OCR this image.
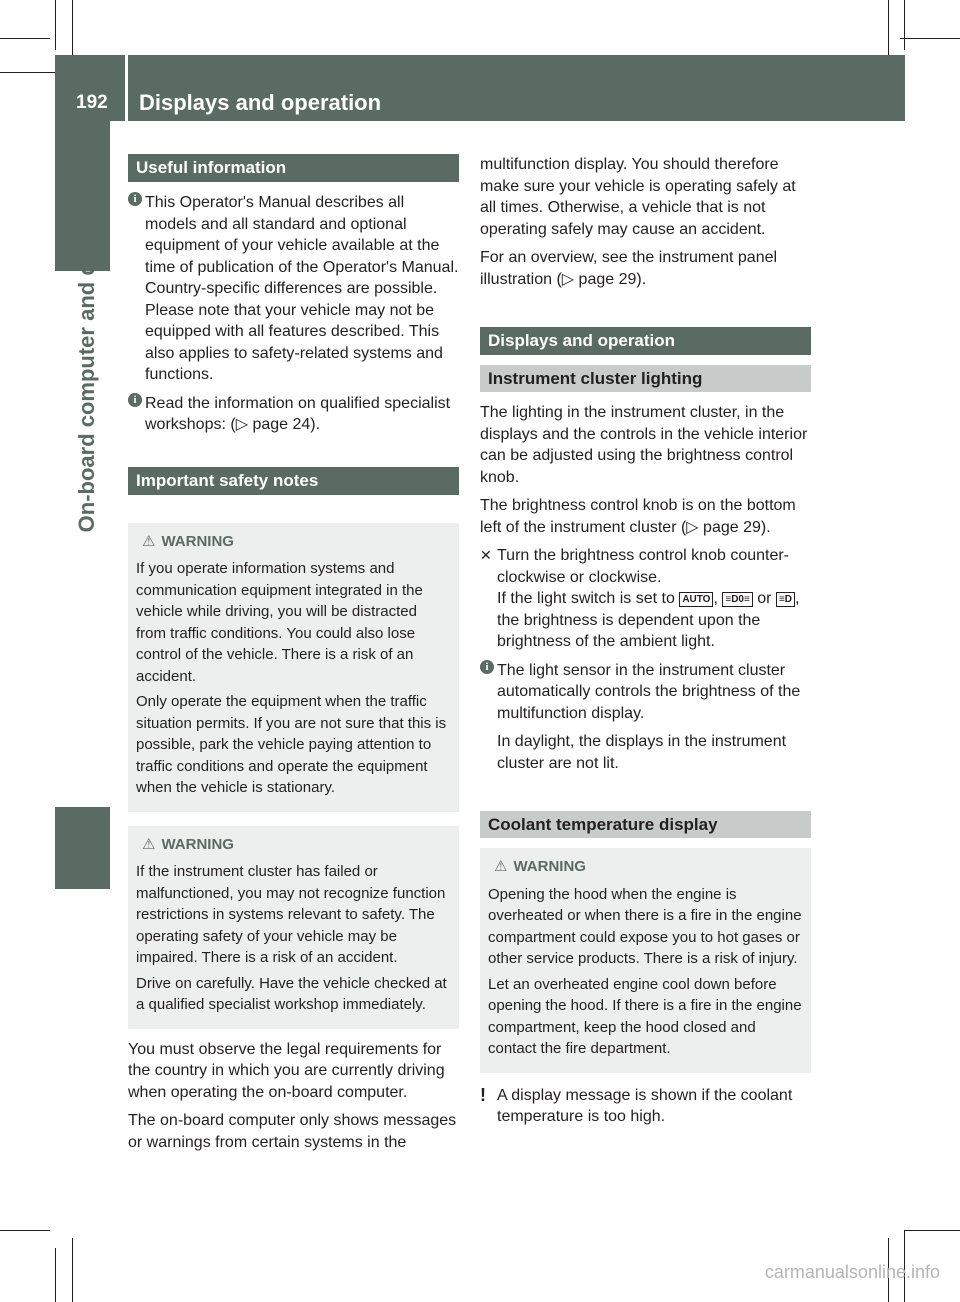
192 Displays and operation
On-board computer and displays
Useful information

i This Operator's Manual describes all models and all standard and optional equipment of your vehicle available at the time of publication of the Operator's Manual. Country-specific differences are possible. Please note that your vehicle may not be equipped with all features described. This also applies to safety-related systems and functions.

i Read the information on qualified specialist workshops: (▷ page 24).

Important safety notes
⚠ WARNING

If you operate information systems and communication equipment integrated in the vehicle while driving, you will be distracted from traffic conditions. You could also lose control of the vehicle. There is a risk of an accident.

Only operate the equipment when the traffic situation permits. If you are not sure that this is possible, park the vehicle paying attention to traffic conditions and operate the equipment when the vehicle is stationary.

⚠ WARNING

If the instrument cluster has failed or malfunctioned, you may not recognize function restrictions in systems relevant to safety. The operating safety of your vehicle may be impaired. There is a risk of an accident.

Drive on carefully. Have the vehicle checked at a qualified specialist workshop immediately.

You must observe the legal requirements for the country in which you are currently driving when operating the on-board computer.

The on-board computer only shows messages or warnings from certain systems in the

multifunction display. You should therefore make sure your vehicle is operating safely at all times. Otherwise, a vehicle that is not operating safely may cause an accident.

For an overview, see the instrument panel illustration (▷ page 29).

Displays and operation
Instrument cluster lighting

The lighting in the instrument cluster, in the displays and the controls in the vehicle interior can be adjusted using the brightness control knob.

The brightness control knob is on the bottom left of the instrument cluster (▷ page 29).

✕ Turn the brightness control knob counter-clockwise or clockwise.
If the light switch is set to AUTO , ≡D0≡ or ≡D , the brightness is dependent upon the brightness of the ambient light.

i The light sensor in the instrument cluster automatically controls the brightness of the multifunction display.

In daylight, the displays in the instrument cluster are not lit.

Coolant temperature display
⚠ WARNING

Opening the hood when the engine is overheated or when there is a fire in the engine compartment could expose you to hot gases or other service products. There is a risk of injury.

Let an overheated engine cool down before opening the hood. If there is a fire in the engine compartment, keep the hood closed and contact the fire department.

! A display message is shown if the coolant temperature is too high.

carmanualsonline.info
